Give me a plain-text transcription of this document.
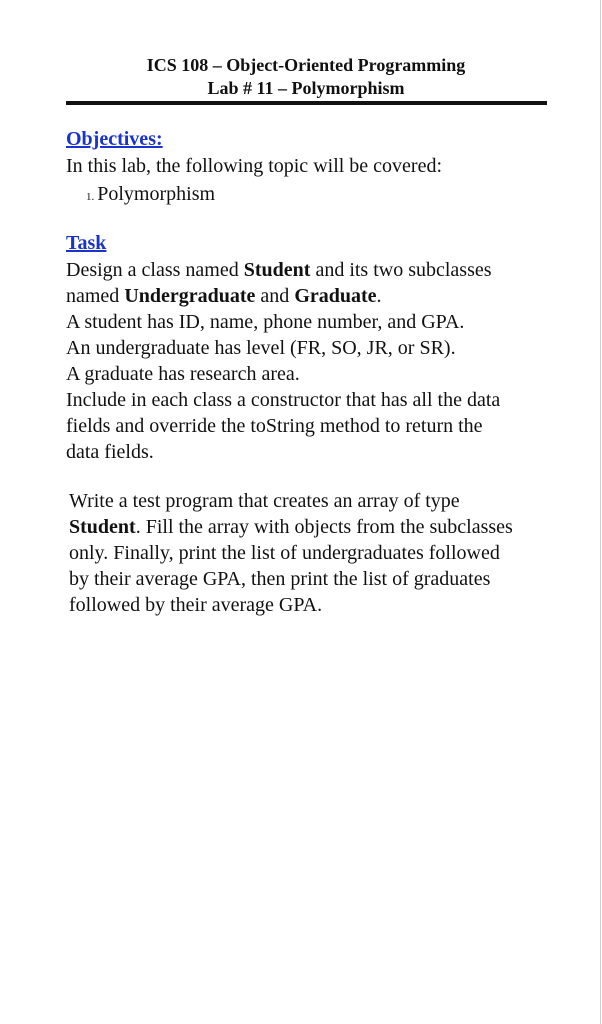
ICS 108 – Object-Oriented Programming
Lab # 11 – Polymorphism
Objectives:
In this lab, the following topic will be covered:
1. Polymorphism
Task
Design a class named Student and its two subclasses
named Undergraduate and Graduate.
A student has ID, name, phone number, and GPA.
An undergraduate has level (FR, SO, JR, or SR).
A graduate has research area.
Include in each class a constructor that has all the data
fields and override the toString method to return the
data fields.
Write a test program that creates an array of type
Student. Fill the array with objects from the subclasses
only. Finally, print the list of undergraduates followed
by their average GPA, then print the list of graduates
followed by their average GPA.
